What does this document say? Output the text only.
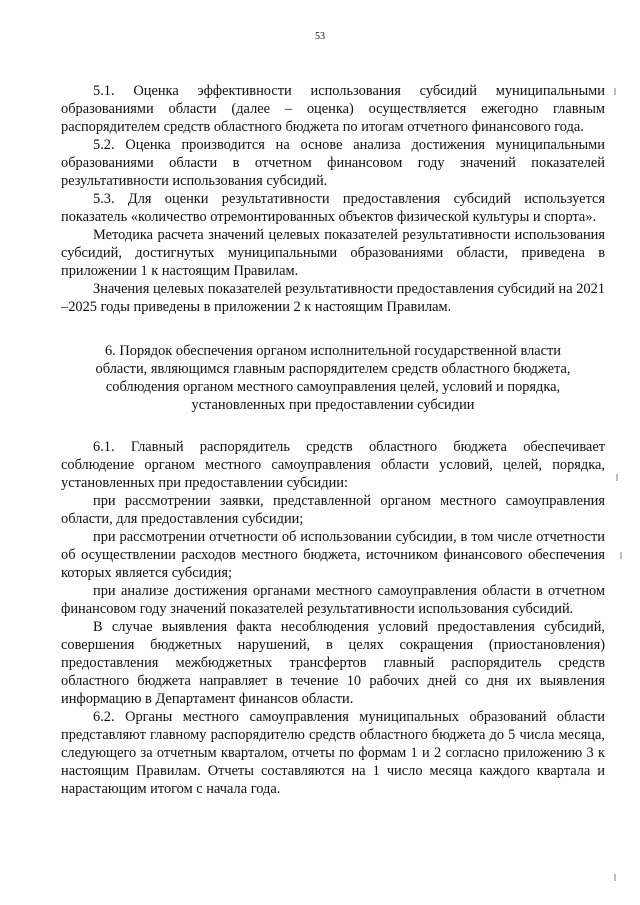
53

5.1. Оценка эффективности использования субсидий муниципальными образованиями области (далее – оценка) осуществляется ежегодно главным распорядителем средств областного бюджета по итогам отчетного финансового года.

5.2. Оценка производится на основе анализа достижения муниципальными образованиями области в отчетном финансовом году значений показателей результативности использования субсидий.

5.3. Для оценки результативности предоставления субсидий используется показатель «количество отремонтированных объектов физической культуры и спорта».

Методика расчета значений целевых показателей результативности использования субсидий, достигнутых муниципальными образованиями области, приведена в приложении 1 к настоящим Правилам.

Значения целевых показателей результативности предоставления субсидий на 2021 –2025 годы приведены в приложении 2 к настоящим Правилам.

6. Порядок обеспечения органом исполнительной государственной власти

области, являющимся главным распорядителем средств областного бюджета,

соблюдения органом местного самоуправления целей, условий и порядка,

установленных при предоставлении субсидии

6.1. Главный распорядитель средств областного бюджета обеспечивает соблюдение органом местного самоуправления области условий, целей, порядка, установленных при предоставлении субсидии:

при рассмотрении заявки, представленной органом местного самоуправления области, для предоставления субсидии;

при рассмотрении отчетности об использовании субсидии, в том числе отчетности об осуществлении расходов местного бюджета, источником финансового обеспечения которых является субсидия;

при анализе достижения органами местного самоуправления области в отчетном финансовом году значений показателей результативности использования субсидий.

В случае выявления факта несоблюдения условий предоставления субсидий, совершения бюджетных нарушений, в целях сокращения (приостановления) предоставления межбюджетных трансфертов главный распорядитель средств областного бюджета направляет в течение 10 рабочих дней со дня их выявления информацию в Департамент финансов области.

6.2. Органы местного самоуправления муниципальных образований области представляют главному распорядителю средств областного бюджета до 5 числа месяца, следующего за отчетным кварталом, отчеты по формам 1 и 2 согласно приложению 3 к настоящим Правилам. Отчеты составляются на 1 число месяца каждого квартала и нарастающим итогом с начала года.
